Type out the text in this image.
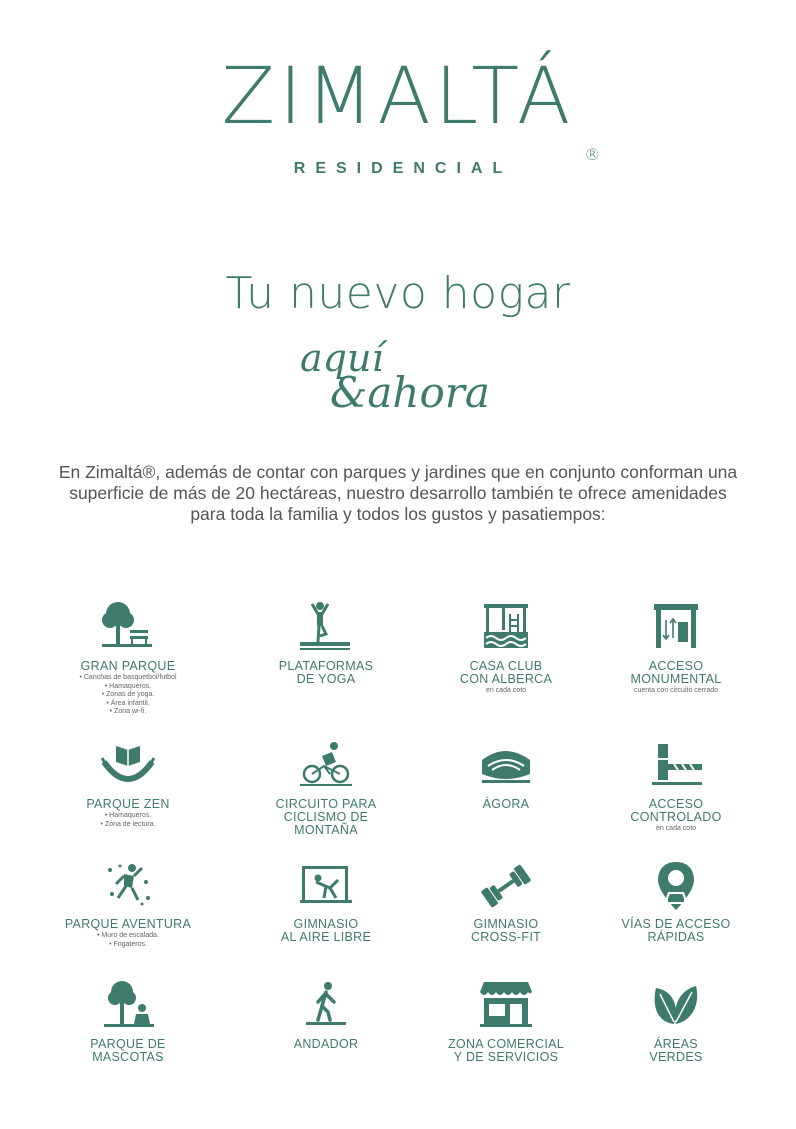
ZIMALTÁ
®
RESIDENCIAL
Tu nuevo hogar
aquí
&ahora
En Zimaltá®, además de contar con parques y jardines que en conjunto conforman una superficie de más de 20 hectáreas, nuestro desarrollo también te ofrece amenidades para toda la familia y todos los gustos y pasatiempos:
GRAN PARQUE
• Canchas de basquetbol/futbol
• Hamaqueros.
• Zonas de yoga.
• Área infantil.
• Zona wi-fi.
PLATAFORMAS
DE YOGA
CASA CLUB
CON ALBERCA
en cada coto
ACCESO
MONUMENTAL
cuenta con circuito cerrado
PARQUE ZEN
• Hamaqueros.
• Zona de lectura.
CIRCUITO PARA
CICLISMO DE
MONTAÑA
ÁGORA	ACCESO
CONTROLADO
en cada coto
PARQUE AVENTURA
• Muro de escalada.
• Fogateros.
GIMNASIO
AL AIRE LIBRE
GIMNASIO
CROSS-FIT
VÍAS DE ACCESO
RÁPIDAS
PARQUE DE
MASCOTAS
ANDADOR	ZONA COMERCIAL
Y DE SERVICIOS
ÁREAS
VERDES
